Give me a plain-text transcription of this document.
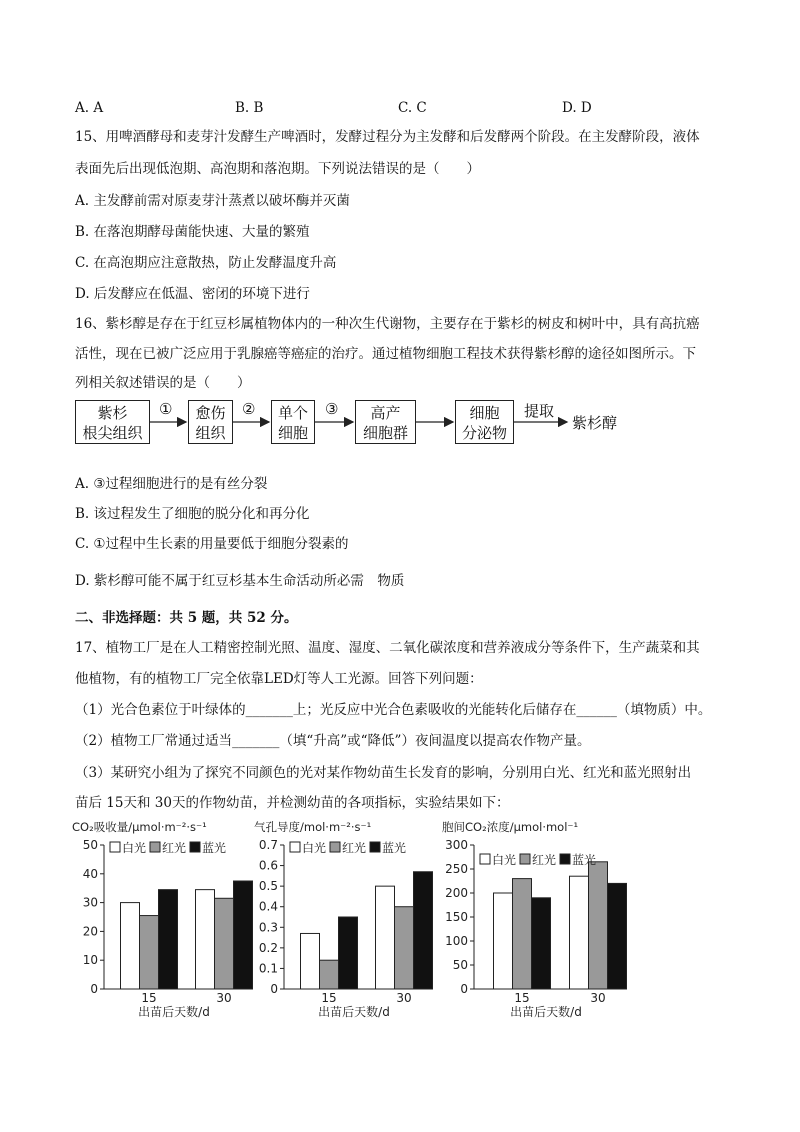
A. A	B. B	C. C	D. D
15、用啤酒酵母和麦芽汁发酵生产啤酒时，发酵过程分为主发酵和后发酵两个阶段。在主发酵阶段，液体
表面先后出现低泡期、高泡期和落泡期。下列说法错误的是（　　）
A. 主发酵前需对原麦芽汁蒸煮以破坏酶并灭菌
B. 在落泡期酵母菌能快速、大量的繁殖
C. 在高泡期应注意散热，防止发酵温度升高
D. 后发酵应在低温、密闭的环境下进行
16、紫杉醇是存在于红豆杉属植物体内的一种次生代谢物，主要存在于紫杉的树皮和树叶中，具有高抗癌
活性，现在已被广泛应用于乳腺癌等癌症的治疗。通过植物细胞工程技术获得紫杉醇的途径如图所示。下
列相关叙述错误的是（　　）
紫杉
根尖组织
愈伤
组织
单个
细胞
高产
细胞群
细胞
分泌物
①	②	③	提取
紫杉醇
A. ③过程细胞进行的是有丝分裂
B. 该过程发生了细胞的脱分化和再分化
C. ①过程中生长素的用量要低于细胞分裂素的
D. 紫杉醇可能不属于红豆杉基本生命活动所必需　物质
二、非选择题：共 5 题，共 52 分。
17、植物工厂是在人工精密控制光照、温度、湿度、二氧化碳浓度和营养液成分等条件下，生产蔬菜和其
他植物，有的植物工厂完全依靠LED灯等人工光源。回答下列问题：
（1）光合色素位于叶绿体的_______上；光反应中光合色素吸收的光能转化后储存在______（填物质）中。
（2）植物工厂常通过适当_______（填“升高”或“降低”）夜间温度以提高农作物产量。
（3）某研究小组为了探究不同颜色的光对某作物幼苗生长发育的影响，分别用白光、红光和蓝光照射出
苗后 15天和 30天的作物幼苗，并检测幼苗的各项指标，实验结果如下：
CO₂吸收量/μmol·m⁻²·s⁻¹
0
10
20
30
40
50
15	30
出苗后天数/d
白光 红光 蓝光
气孔导度/mol·m⁻²·s⁻¹
0
0.1
0.2
0.3
0.4
0.5
0.6
0.7
15	30
出苗后天数/d
白光 红光 蓝光
胞间CO₂浓度/μmol·mol⁻¹
0
50
100
150
200
250
300
15	30
出苗后天数/d
白光 红光 蓝光
